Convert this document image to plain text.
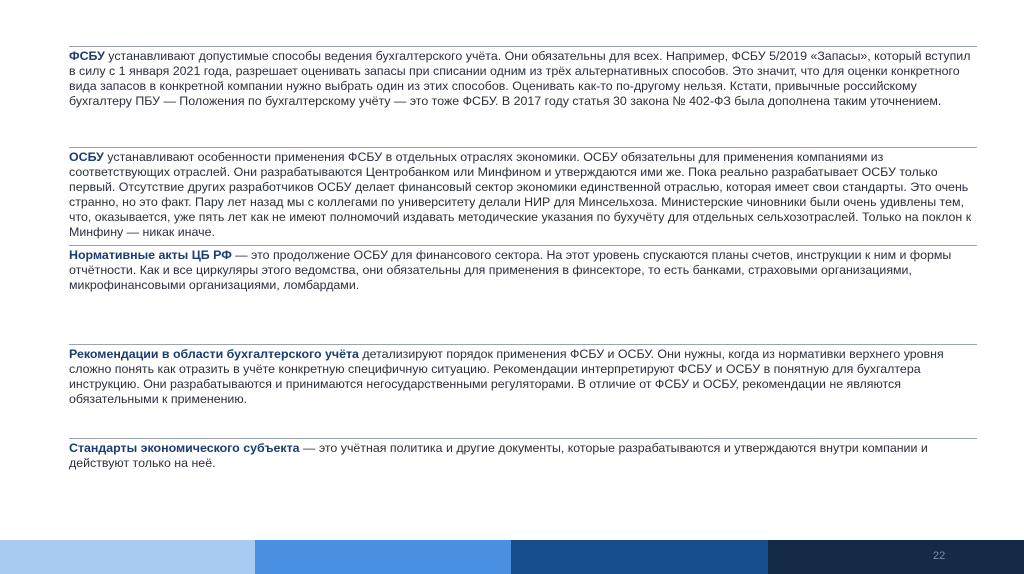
ФСБУ устанавливают допустимые способы ведения бухгалтерского учёта. Они обязательны для всех. Например, ФСБУ 5/2019 «Запасы», который вступил в силу с 1 января 2021 года, разрешает оценивать запасы при списании одним из трёх альтернативных способов. Это значит, что для оценки конкретного вида запасов в конкретной компании нужно выбрать один из этих способов. Оценивать как-то по-другому нельзя. Кстати, привычные российскому бухгалтеру ПБУ — Положения по бухгалтерскому учёту — это тоже ФСБУ. В 2017 году статья 30 закона № 402-ФЗ была дополнена таким уточнением.
ОСБУ устанавливают особенности применения ФСБУ в отдельных отраслях экономики. ОСБУ обязательны для применения компаниями из соответствующих отраслей. Они разрабатываются Центробанком или Минфином и утверждаются ими же. Пока реально разрабатывает ОСБУ только первый. Отсутствие других разработчиков ОСБУ делает финансовый сектор экономики единственной отраслью, которая имеет свои стандарты. Это очень странно, но это факт. Пару лет назад мы с коллегами по университету делали НИР для Минсельхоза. Министерские чиновники были очень удивлены тем, что, оказывается, уже пять лет как не имеют полномочий издавать методические указания по бухучёту для отдельных сельхозотраслей. Только на поклон к Минфину — никак иначе.
Нормативные акты ЦБ РФ — это продолжение ОСБУ для финансового сектора. На этот уровень спускаются планы счетов, инструкции к ним и формы отчётности. Как и все циркуляры этого ведомства, они обязательны для применения в финсекторе, то есть банками, страховыми организациями, микрофинансовыми организациями, ломбардами.
Рекомендации в области бухгалтерского учёта детализируют порядок применения ФСБУ и ОСБУ. Они нужны, когда из нормативки верхнего уровня сложно понять как отразить в учёте конкретную специфичную ситуацию. Рекомендации интерпретируют ФСБУ и ОСБУ в понятную для бухгалтера инструкцию. Они разрабатываются и принимаются негосударственными регуляторами. В отличие от ФСБУ и ОСБУ, рекомендации не являются обязательными к применению.
Стандарты экономического субъекта — это учётная политика и другие документы, которые разрабатываются и утверждаются внутри компании и действуют только на неё.
22
